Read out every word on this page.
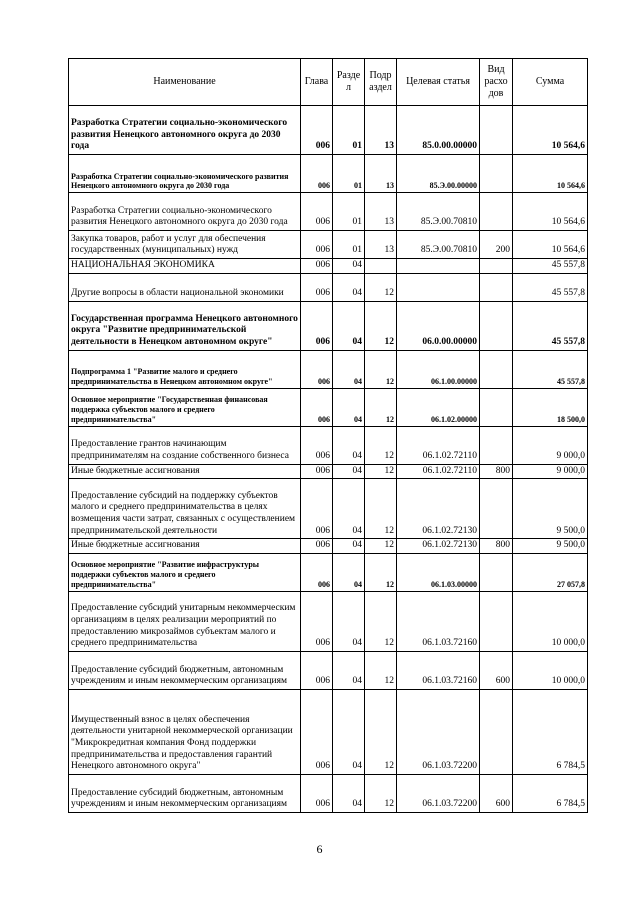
Наименование	Глава	Разде л	Подр аздел	Целевая статья	Вид расхо дов	Сумма
Разработка Стратегии социально-экономического развития Ненецкого автономного округа до 2030 года	006	01	13	85.0.00.00000		10 564,6
Разработка Стратегии социально-экономического развития Ненецкого автономного округа до 2030 года	006	01	13	85.Э.00.00000		10 564,6
Разработка Стратегии социально-экономического развития Ненецкого автономного округа до 2030 года	006	01	13	85.Э.00.70810		10 564,6
Закупка товаров, работ и услуг для обеспечения государственных (муниципальных) нужд	006	01	13	85.Э.00.70810	200	10 564,6
НАЦИОНАЛЬНАЯ ЭКОНОМИКА	006	04				45 557,8
Другие вопросы в области национальной экономики	006	04	12			45 557,8
Государственная программа Ненецкого автономного округа "Развитие предпринимательской деятельности в Ненецком автономном округе"	006	04	12	06.0.00.00000		45 557,8
Подпрограмма 1 "Развитие малого и среднего предпринимательства в Ненецком автономном округе"	006	04	12	06.1.00.00000		45 557,8
Основное мероприятие "Государственная финансовая поддержка субъектов малого и среднего предпринимательства"	006	04	12	06.1.02.00000		18 500,0
Предоставление грантов начинающим предпринимателям на создание собственного бизнеса	006	04	12	06.1.02.72110		9 000,0
Иные бюджетные ассигнования	006	04	12	06.1.02.72110	800	9 000,0
Предоставление субсидий на поддержку субъектов малого и среднего предпринимательства в целях возмещения части затрат, связанных с осуществлением предпринимательской деятельности	006	04	12	06.1.02.72130		9 500,0
Иные бюджетные ассигнования	006	04	12	06.1.02.72130	800	9 500,0
Основное мероприятие "Развитие инфраструктуры поддержки субъектов малого и среднего предпринимательства"	006	04	12	06.1.03.00000		27 057,8
Предоставление субсидий унитарным некоммерческим организациям в целях реализации мероприятий по предоставлению микрозаймов субъектам малого и среднего предпринимательства	006	04	12	06.1.03.72160		10 000,0
Предоставление субсидий бюджетным, автономным учреждениям и иным некоммерческим организациям	006	04	12	06.1.03.72160	600	10 000,0
Имущественный взнос в целях обеспечения деятельности унитарной некоммерческой организации "Микрокредитная компания Фонд поддержки предпринимательства и предоставления гарантий Ненецкого автономного округа"	006	04	12	06.1.03.72200		6 784,5
Предоставление субсидий бюджетным, автономным учреждениям и иным некоммерческим организациям	006	04	12	06.1.03.72200	600	6 784,5
6
